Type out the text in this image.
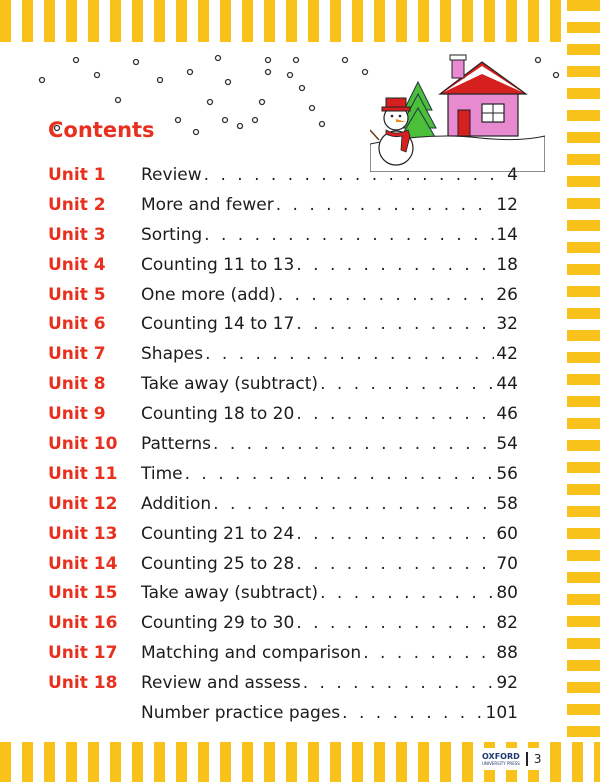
Contents
Unit 1	Review . . .	4
Unit 2	More and fewer . . .	12
Unit 3	Sorting . . .	14
Unit 4	Counting 11 to 13 . . .	18
Unit 5	One more (add) . . .	26
Unit 6	Counting 14 to 17 . . .	32
Unit 7	Shapes . . .	42
Unit 8	Take away (subtract) . . .	44
Unit 9	Counting 18 to 20 . . .	46
Unit 10	Patterns . . .	54
Unit 11	Time . . .	56
Unit 12	Addition . . .	58
Unit 13	Counting 21 to 24 . . .	60
Unit 14	Counting 25 to 28 . . .	70
Unit 15	Take away (subtract) . . .	80
Unit 16	Counting 29 to 30 . . .	82
Unit 17	Matching and comparison . . .	88
Unit 18	Review and assess . . .	92
Number practice pages . . .	101
OXFORD
UNIVERSITY PRESS 3
